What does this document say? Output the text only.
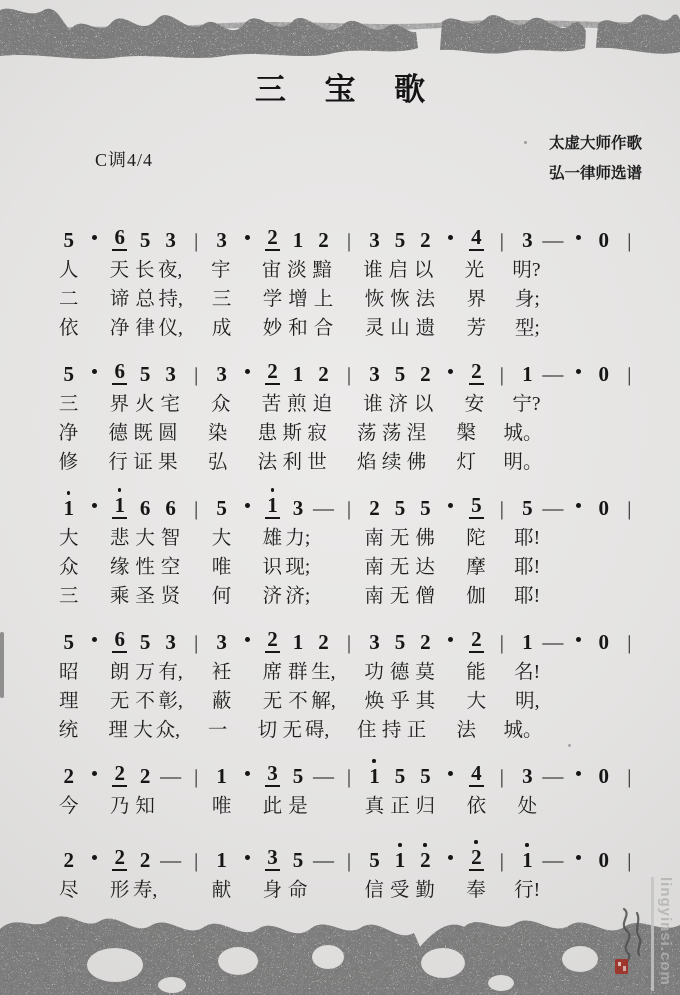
三 宝 歌
C调4/4
太虚大师作歌
弘一律师选谱
5	6 5 3 | 3	2 1 2 | 3 5 2	4 | 3 —	0 |
人 天 长 夜, 宇 宙 淡 黯 谁 启 以 光 明?
二 谛 总 持, 三 学 增 上 恢 恢 法 界 身;
依 净 律 仪, 成 妙 和 合 灵 山 遗 芳 型;
5	6 5 3 | 3	2 1 2 | 3 5 2	2 | 1 —	0 |
三 界 火 宅 众 苦 煎 迫 谁 济 以 安 宁?
净 德 既 圆 染 患 斯 寂 荡 荡 涅 槃 城。
修 行 证 果 弘 法 利 世 焰 续 佛 灯 明。
1	1 6 6 | 5	1 3 — | 2 5 5	5 | 5 —	0 |
大 悲 大 智 大 雄 力;	南 无 佛 陀 耶!
众 缘 性 空 唯 识 现;	南 无 达 摩 耶!
三 乘 圣 贤 何 济 济;	南 无 僧 伽 耶!
5	6 5 3 | 3	2 1 2 | 3 5 2	2 | 1 —	0 |
昭 朗 万 有, 衽 席 群 生, 功 德 莫 能 名!
理 无 不 彰, 蔽 无 不 解, 焕 乎 其 大 明,
统 理 大 众, 一 切 无 碍, 住 持 正 法 城。
2	2 2 — | 1	3 5 — | 1 5 5	4 | 3 —	0 |
今 乃 知	唯 此 是	真 正 归 依 处
2	2 2 — | 1	3 5 — | 5 1 2	2 | 1 —	0 |
尽 形 寿,	献 身 命	信 受 勤 奉 行!	lingyinsi.com
